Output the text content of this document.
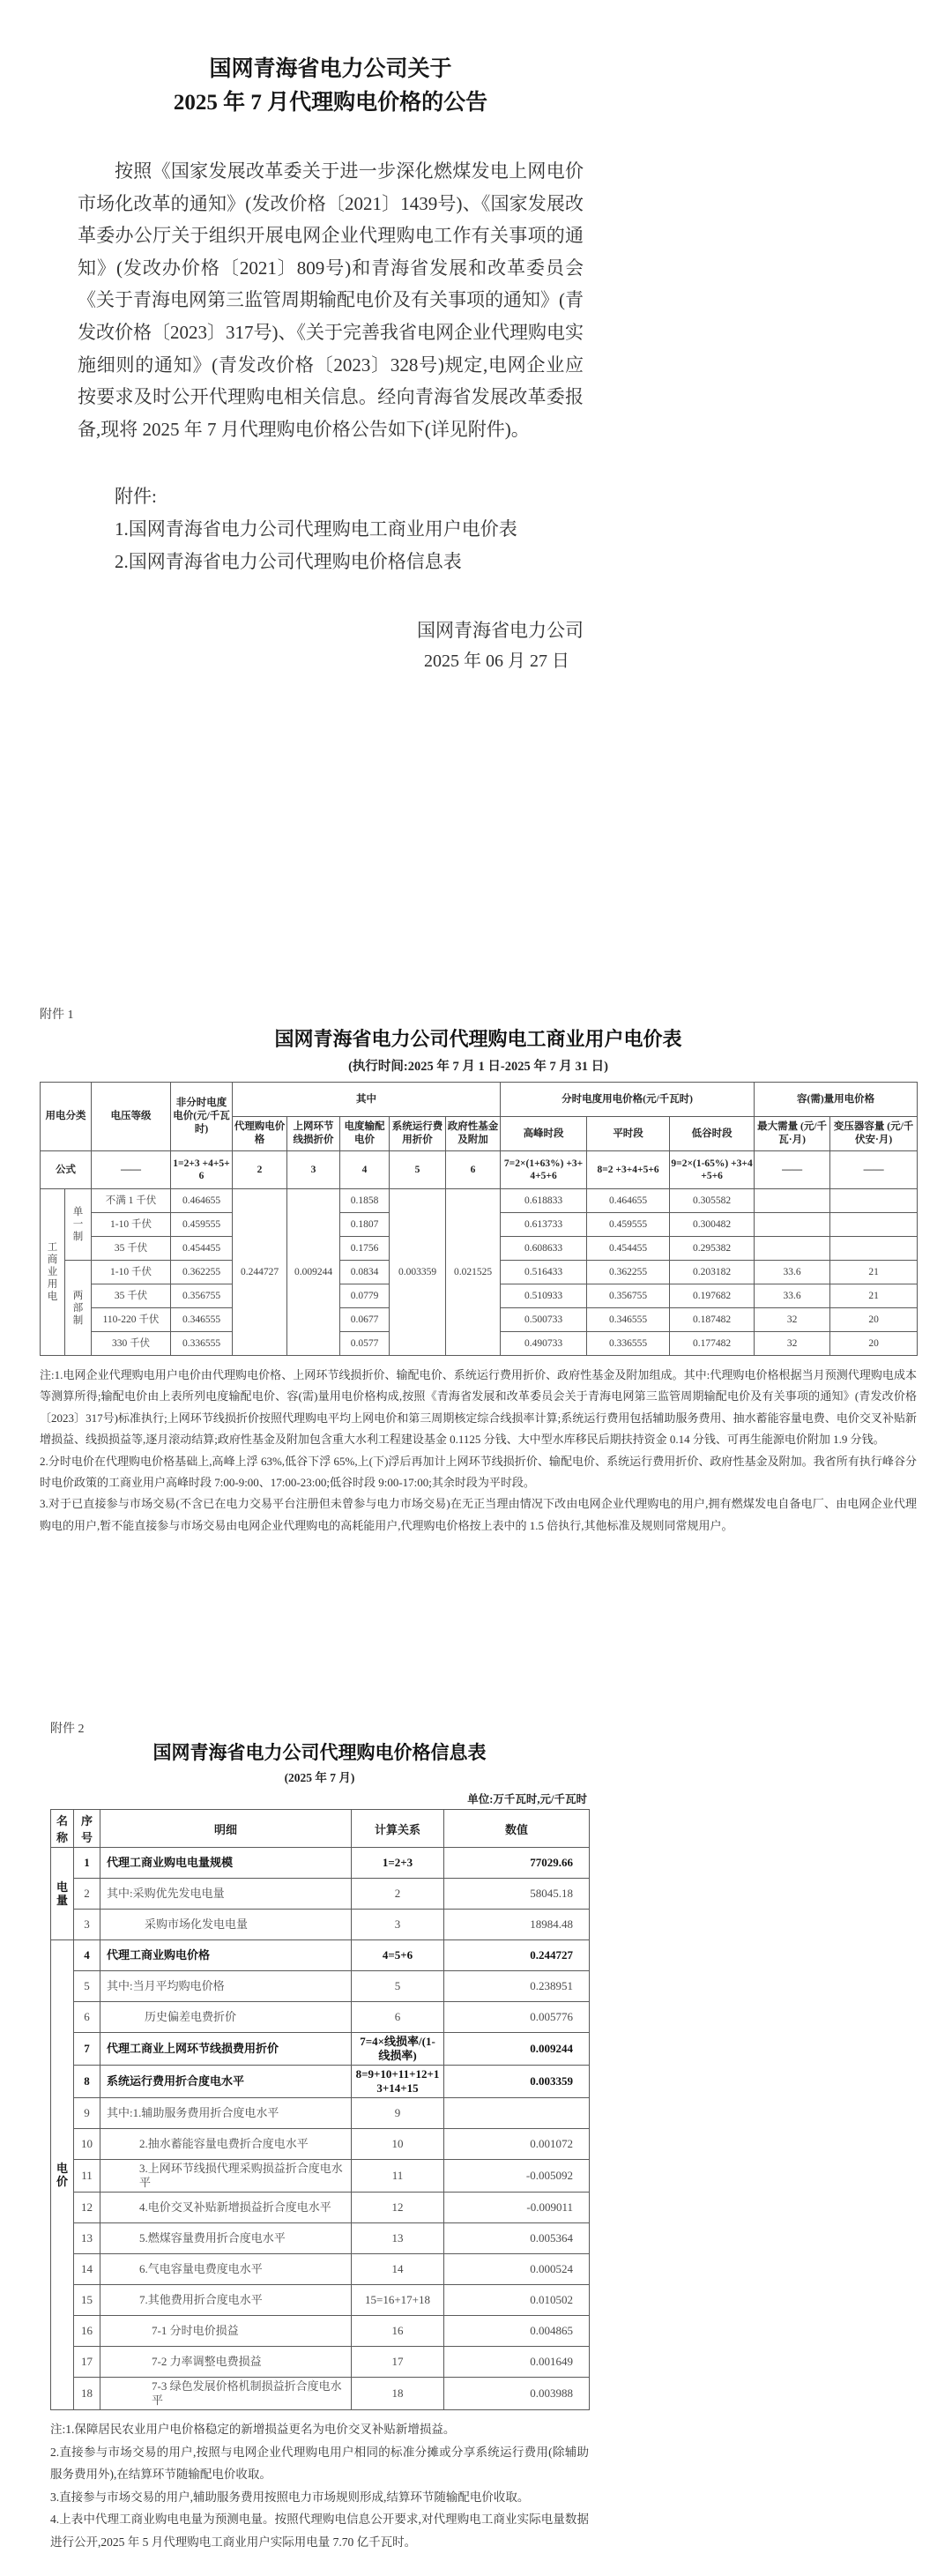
国网青海省电力公司关于
2025 年 7 月代理购电价格的公告
按照《国家发展改革委关于进一步深化燃煤发电上网电价市场化改革的通知》(发改价格〔2021〕1439号)、《国家发展改革委办公厅关于组织开展电网企业代理购电工作有关事项的通知》(发改办价格〔2021〕809号)和青海省发展和改革委员会《关于青海电网第三监管周期输配电价及有关事项的通知》(青发改价格〔2023〕317号)、《关于完善我省电网企业代理购电实施细则的通知》(青发改价格〔2023〕328号)规定,电网企业应按要求及时公开代理购电相关信息。经向青海省发展改革委报备,现将 2025 年 7 月代理购电价格公告如下(详见附件)。
附件:
1.国网青海省电力公司代理购电工商业用户电价表
2.国网青海省电力公司代理购电价格信息表
国网青海省电力公司
2025 年 06 月 27 日
附件 1
国网青海省电力公司代理购电工商业用户电价表
(执行时间:2025 年 7 月 1 日-2025 年 7 月 31 日)
用电分类		电压等级	非分时电度电价(元/千瓦时)	其中					分时电度用电价格(元/千瓦时)			容(需)量用电价格	
				代理购电价格	上网环节线损折价	电度输配电价	系统运行费用折价	政府性基金及附加	高峰时段	平时段	低谷时段	最大需量 (元/千瓦·月)	变压器容量 (元/千伏安·月)
公式		——	1=2+3 +4+5+6	2	3	4	5	6	7=2×(1+63%) +3+4+5+6	8=2 +3+4+5+6	9=2×(1-65%) +3+4+5+6	——	——
工商业用电	单一制	不满 1 千伏	0.464655	0.244727	0.009244	0.1858	0.003359	0.021525	0.618833	0.464655	0.305582		
		1-10 千伏	0.459555			0.1807			0.613733	0.459555	0.300482		
		35 千伏	0.454455			0.1756			0.608633	0.454455	0.295382		
	两部制	1-10 千伏	0.362255			0.0834			0.516433	0.362255	0.203182	33.6	21
		35 千伏	0.356755			0.0779			0.510933	0.356755	0.197682	33.6	21
		110-220 千伏	0.346555			0.0677			0.500733	0.346555	0.187482	32	20
		330 千伏	0.336555			0.0577			0.490733	0.336555	0.177482	32	20
注:1.电网企业代理购电用户电价由代理购电价格、上网环节线损折价、输配电价、系统运行费用折价、政府性基金及附加组成。其中:代理购电价格根据当月预测代理购电成本等测算所得;输配电价由上表所列电度输配电价、容(需)量用电价格构成,按照《青海省发展和改革委员会关于青海电网第三监管周期输配电价及有关事项的通知》(青发改价格〔2023〕317号)标准执行;上网环节线损折价按照代理购电平均上网电价和第三周期核定综合线损率计算;系统运行费用包括辅助服务费用、抽水蓄能容量电费、电价交叉补贴新增损益、线损损益等,逐月滚动结算;政府性基金及附加包含重大水利工程建设基金 0.1125 分钱、大中型水库移民后期扶持资金 0.14 分钱、可再生能源电价附加 1.9 分钱。
2.分时电价在代理购电价格基础上,高峰上浮 63%,低谷下浮 65%,上(下)浮后再加计上网环节线损折价、输配电价、系统运行费用折价、政府性基金及附加。我省所有执行峰谷分时电价政策的工商业用户高峰时段 7:00-9:00、17:00-23:00;低谷时段 9:00-17:00;其余时段为平时段。
3.对于已直接参与市场交易(不含已在电力交易平台注册但未曾参与电力市场交易)在无正当理由情况下改由电网企业代理购电的用户,拥有燃煤发电自备电厂、由电网企业代理购电的用户,暂不能直接参与市场交易由电网企业代理购电的高耗能用户,代理购电价格按上表中的 1.5 倍执行,其他标准及规则同常规用户。
附件 2
国网青海省电力公司代理购电价格信息表
(2025 年 7 月)
单位:万千瓦时,元/千瓦时
名称	序号	明细	计算关系	数值
电量	1	代理工商业购电电量规模	1=2+3	77029.66
	2	其中:采购优先发电电量	2	58045.18
	3	采购市场化发电电量	3	18984.48
电价	4	代理工商业购电价格	4=5+6	0.244727
	5	其中:当月平均购电价格	5	0.238951
	6	历史偏差电费折价	6	0.005776
	7	代理工商业上网环节线损费用折价	7=4×线损率/(1-线损率)	0.009244
	8	系统运行费用折合度电水平	8=9+10+11+12+13+14+15	0.003359
	9	其中:1.辅助服务费用折合度电水平	9	
	10	2.抽水蓄能容量电费折合度电水平	10	0.001072
	11	3.上网环节线损代理采购损益折合度电水平	11	-0.005092
	12	4.电价交叉补贴新增损益折合度电水平	12	-0.009011
	13	5.燃煤容量费用折合度电水平	13	0.005364
	14	6.气电容量电费度电水平	14	0.000524
	15	7.其他费用折合度电水平	15=16+17+18	0.010502
	16	7-1 分时电价损益	16	0.004865
	17	7-2 力率调整电费损益	17	0.001649
	18	7-3 绿色发展价格机制损益折合度电水平	18	0.003988
注:1.保障居民农业用户电价格稳定的新增损益更名为电价交叉补贴新增损益。
2.直接参与市场交易的用户,按照与电网企业代理购电用户相同的标准分摊或分享系统运行费用(除辅助服务费用外),在结算环节随输配电价收取。
3.直接参与市场交易的用户,辅助服务费用按照电力市场规则形成,结算环节随输配电价收取。
4.上表中代理工商业购电电量为预测电量。按照代理购电信息公开要求,对代理购电工商业实际电量数据进行公开,2025 年 5 月代理购电工商业用户实际用电量 7.70 亿千瓦时。
